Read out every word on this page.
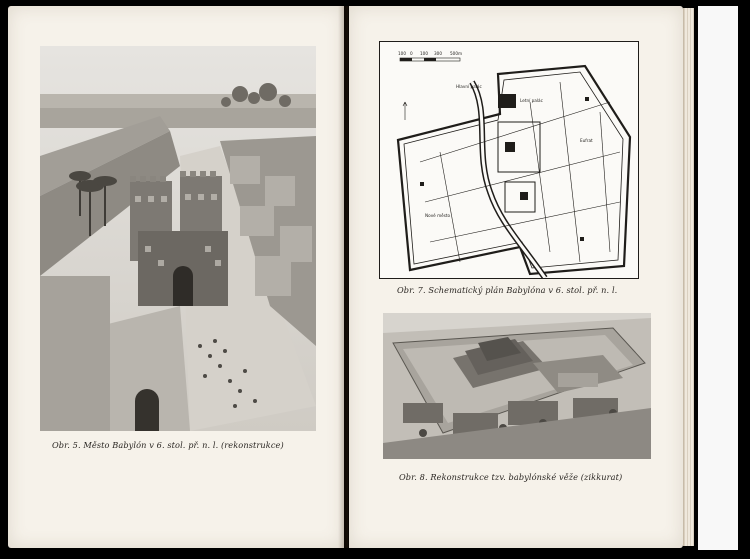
Obr. 5. Město Babylón v 6. stol. př. n. l. (rekonstrukce)
100 0 100 300 500m
Hlavní palác
Letní palác
Nové město
Eufrat
Obr. 7. Schematický plán Babylóna v 6. stol. př. n. l.
Obr. 8. Rekonstrukce tzv. babylónské věže (zikkurat)
